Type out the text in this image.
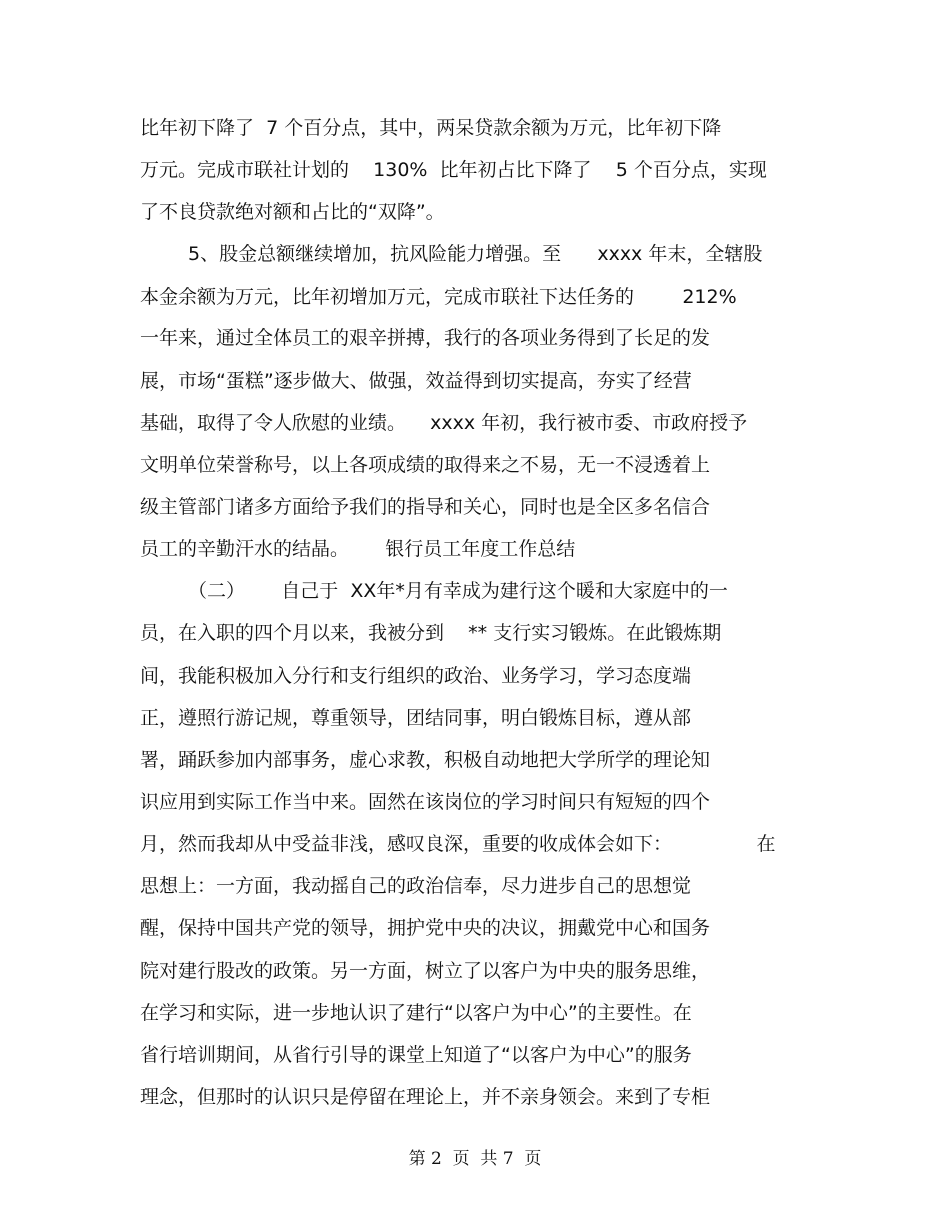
比年初下降了  7 个百分点，其中，两呆贷款余额为万元，比年初下降
万元。完成市联社计划的    130%  比年初占比下降了    5 个百分点，实现
了不良贷款绝对额和占比的“双降”。
5、股金总额继续增加，抗风险能力增强。至      xxxx 年末，全辖股
本金余额为万元，比年初增加万元，完成市联社下达任务的        212%
一年来，通过全体员工的艰辛拼搏，我行的各项业务得到了长足的发
展，市场“蛋糕”逐步做大、做强，效益得到切实提高，夯实了经营
基础，取得了令人欣慰的业绩。    xxxx 年初，我行被市委、市政府授予
文明单位荣誉称号，以上各项成绩的取得来之不易，无一不浸透着上
级主管部门诸多方面给予我们的指导和关心，同时也是全区多名信合
员工的辛勤汗水的结晶。      银行员工年度工作总结
（二）      自己于  XX年*月有幸成为建行这个暖和大家庭中的一
员，在入职的四个月以来，我被分到    ** 支行实习锻炼。在此锻炼期
间，我能积极加入分行和支行组织的政治、业务学习，学习态度端
正，遵照行游记规，尊重领导，团结同事，明白锻炼目标，遵从部
署，踊跃参加内部事务，虚心求教，积极自动地把大学所学的理论知
识应用到实际工作当中来。固然在该岗位的学习时间只有短短的四个
月，然而我却从中受益非浅，感叹良深，重要的收成体会如下：              在
思想上：一方面，我动摇自己的政治信奉，尽力进步自己的思想觉
醒，保持中国共产党的领导，拥护党中央的决议，拥戴党中心和国务
院对建行股改的政策。另一方面，树立了以客户为中央的服务思维，
在学习和实际，进一步地认识了建行“以客户为中心”的主要性。在
省行培训期间，从省行引导的课堂上知道了“以客户为中心”的服务
理念，但那时的认识只是停留在理论上，并不亲身领会。来到了专柜
第 2  页  共 7  页
